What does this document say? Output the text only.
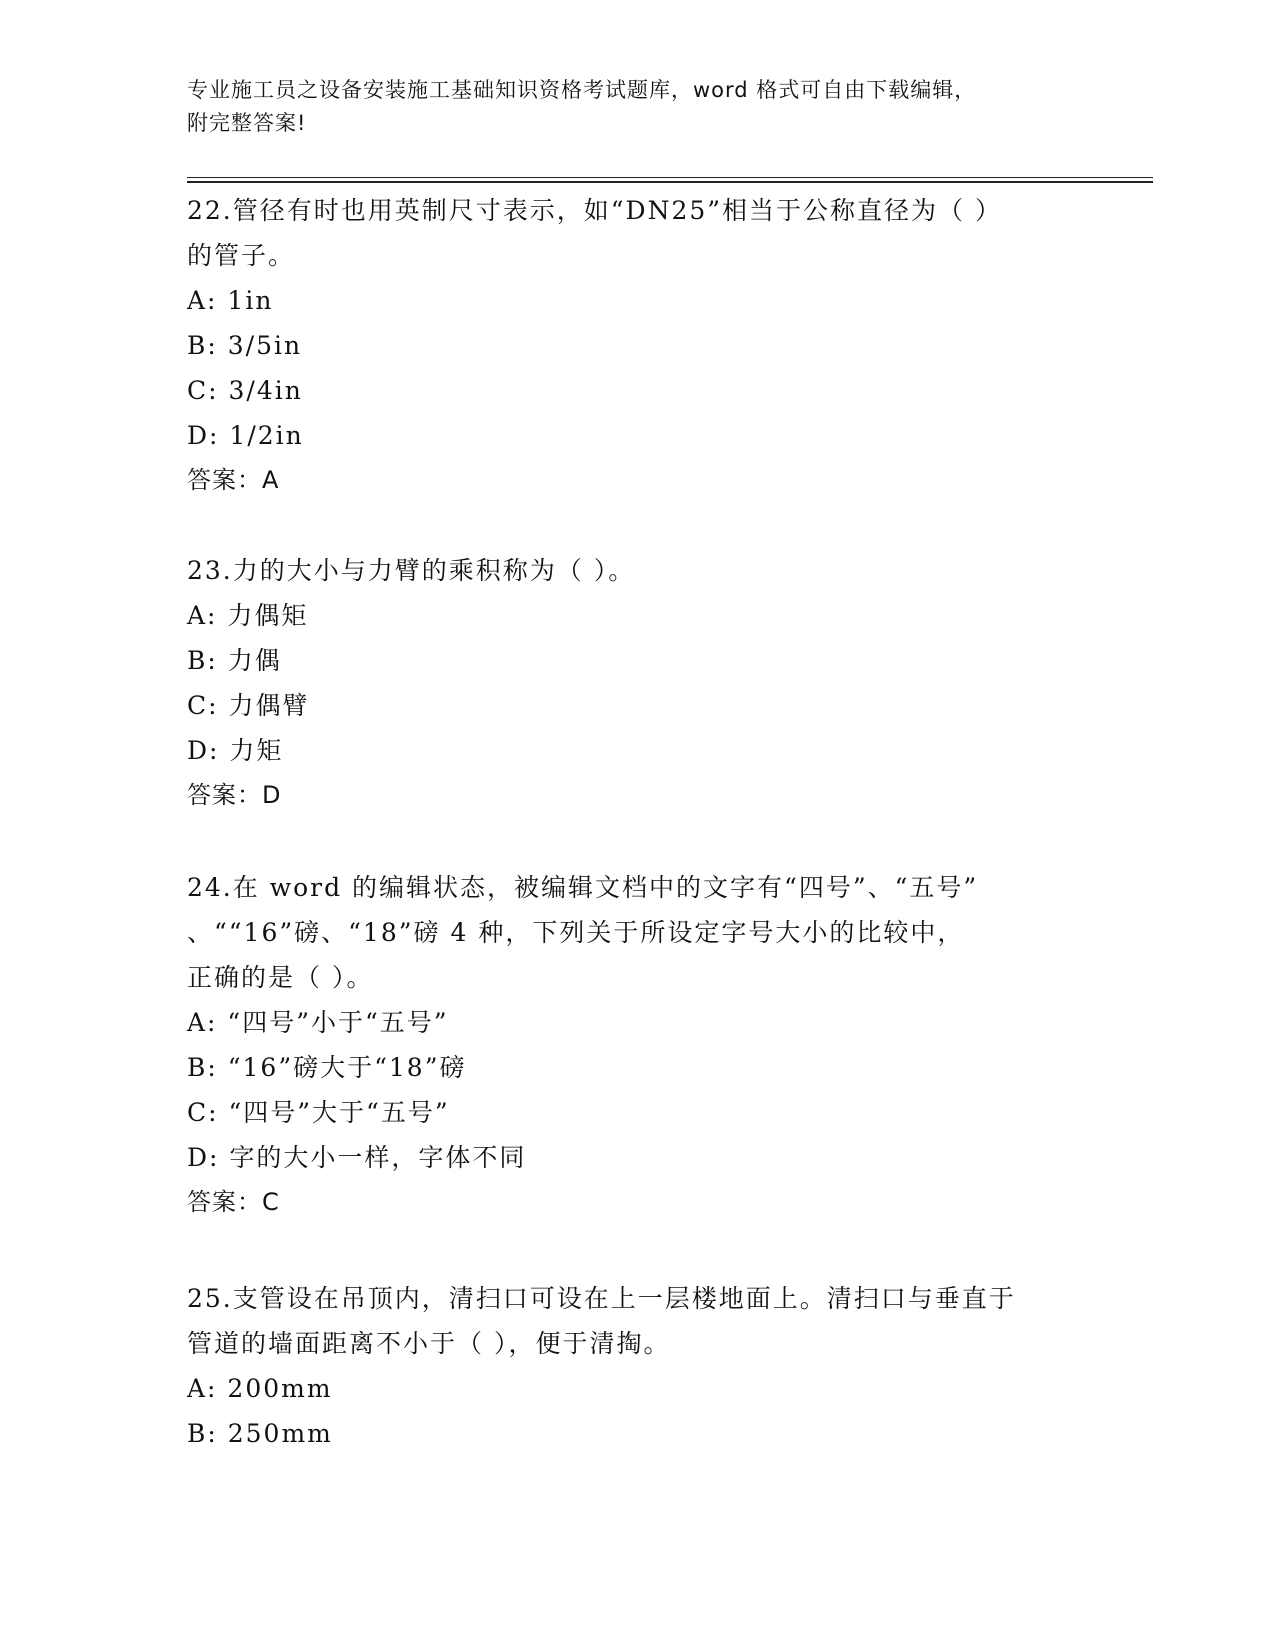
专业施工员之设备安装施工基础知识资格考试题库，word 格式可自由下载编辑，
附完整答案!
22.管径有时也用英制尺寸表示，如“DN25”相当于公称直径为（ ）
的管子。
A: 1in
B: 3/5in
C: 3/4in
D: 1/2in
答案：A
23.力的大小与力臂的乘积称为（ ）。
A: 力偶矩
B: 力偶
C: 力偶臂
D: 力矩
答案：D
24.在 word 的编辑状态，被编辑文档中的文字有“四号”、“五号”
、““16”磅、“18”磅 4 种，下列关于所设定字号大小的比较中，
正确的是（ ）。
A: “四号”小于“五号”
B: “16”磅大于“18”磅
C: “四号”大于“五号”
D: 字的大小一样，字体不同
答案：C
25.支管设在吊顶内，清扫口可设在上一层楼地面上。清扫口与垂直于
管道的墙面距离不小于（ ），便于清掏。
A: 200mm
B: 250mm
